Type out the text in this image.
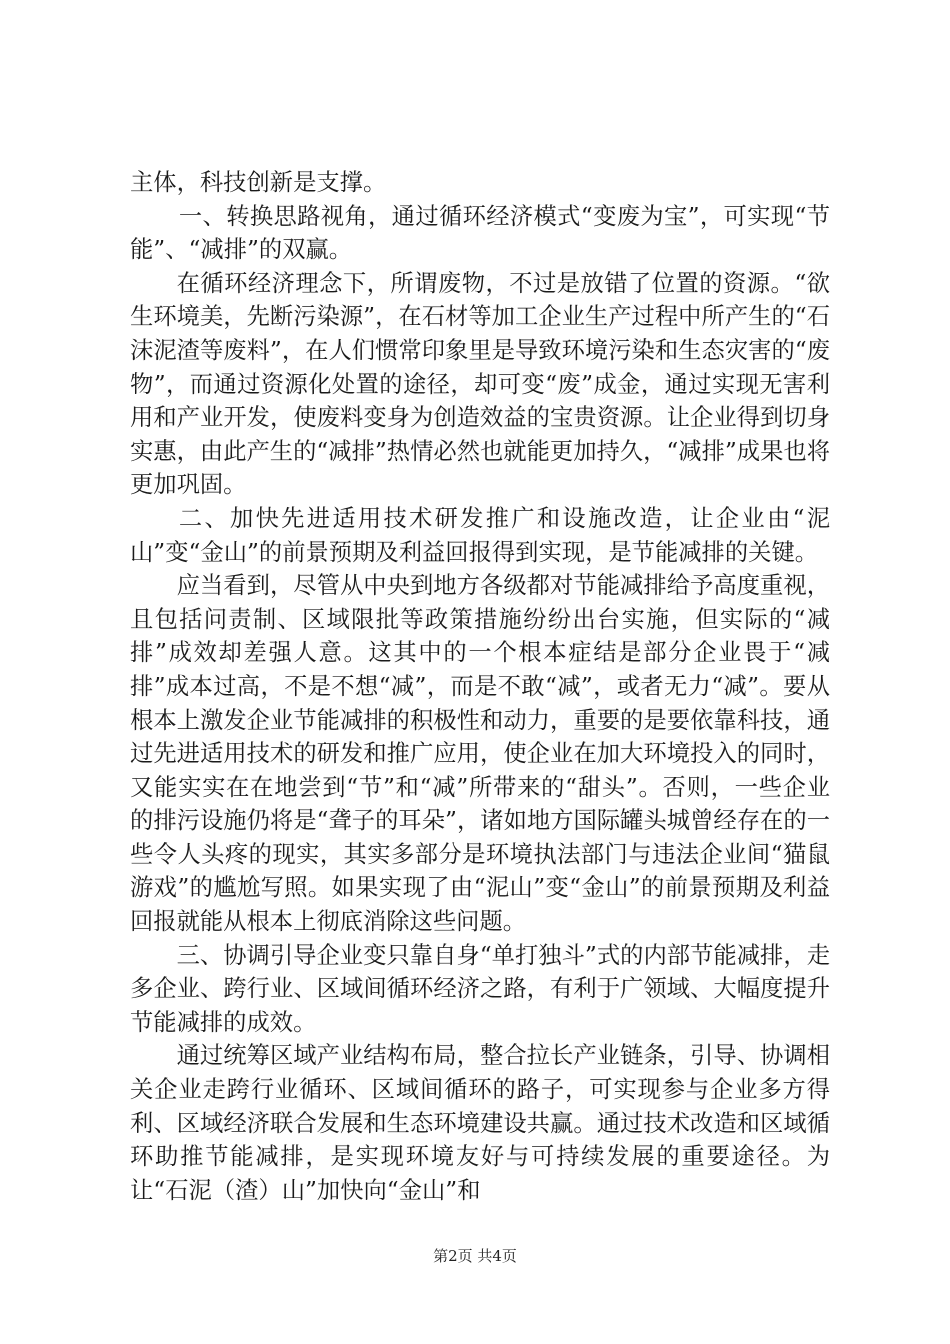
主体，科技创新是支撑。

一、转换思路视角，通过循环经济模式“变废为宝”，可实现“节能”、“减排”的双赢。

在循环经济理念下，所谓废物，不过是放错了位置的资源。“欲生环境美，先断污染源”，在石材等加工企业生产过程中所产生的“石沫泥渣等废料”，在人们惯常印象里是导致环境污染和生态灾害的“废物”，而通过资源化处置的途径，却可变“废”成金，通过实现无害利用和产业开发，使废料变身为创造效益的宝贵资源。让企业得到切身实惠，由此产生的“减排”热情必然也就能更加持久，“减排”成果也将更加巩固。

二、加快先进适用技术研发推广和设施改造，让企业由“泥山”变“金山”的前景预期及利益回报得到实现，是节能减排的关键。

应当看到，尽管从中央到地方各级都对节能减排给予高度重视，且包括问责制、区域限批等政策措施纷纷出台实施，但实际的“减排”成效却差强人意。这其中的一个根本症结是部分企业畏于“减排”成本过高，不是不想“减”，而是不敢“减”，或者无力“减”。要从根本上激发企业节能减排的积极性和动力，重要的是要依靠科技，通过先进适用技术的研发和推广应用，使企业在加大环境投入的同时，又能实实在在地尝到“节”和“减”所带来的“甜头”。否则，一些企业的排污设施仍将是“聋子的耳朵”，诸如地方国际罐头城曾经存在的一些令人头疼的现实，其实多部分是环境执法部门与违法企业间“猫鼠游戏”的尴尬写照。如果实现了由“泥山”变“金山”的前景预期及利益回报就能从根本上彻底消除这些问题。

三、协调引导企业变只靠自身“单打独斗”式的内部节能减排，走多企业、跨行业、区域间循环经济之路，有利于广领域、大幅度提升节能减排的成效。

通过统筹区域产业结构布局，整合拉长产业链条，引导、协调相关企业走跨行业循环、区域间循环的路子，可实现参与企业多方得利、区域经济联合发展和生态环境建设共赢。通过技术改造和区域循环助推节能减排，是实现环境友好与可持续发展的重要途径。为让“石泥（渣）山”加快向“金山”和

第2页 共4页
